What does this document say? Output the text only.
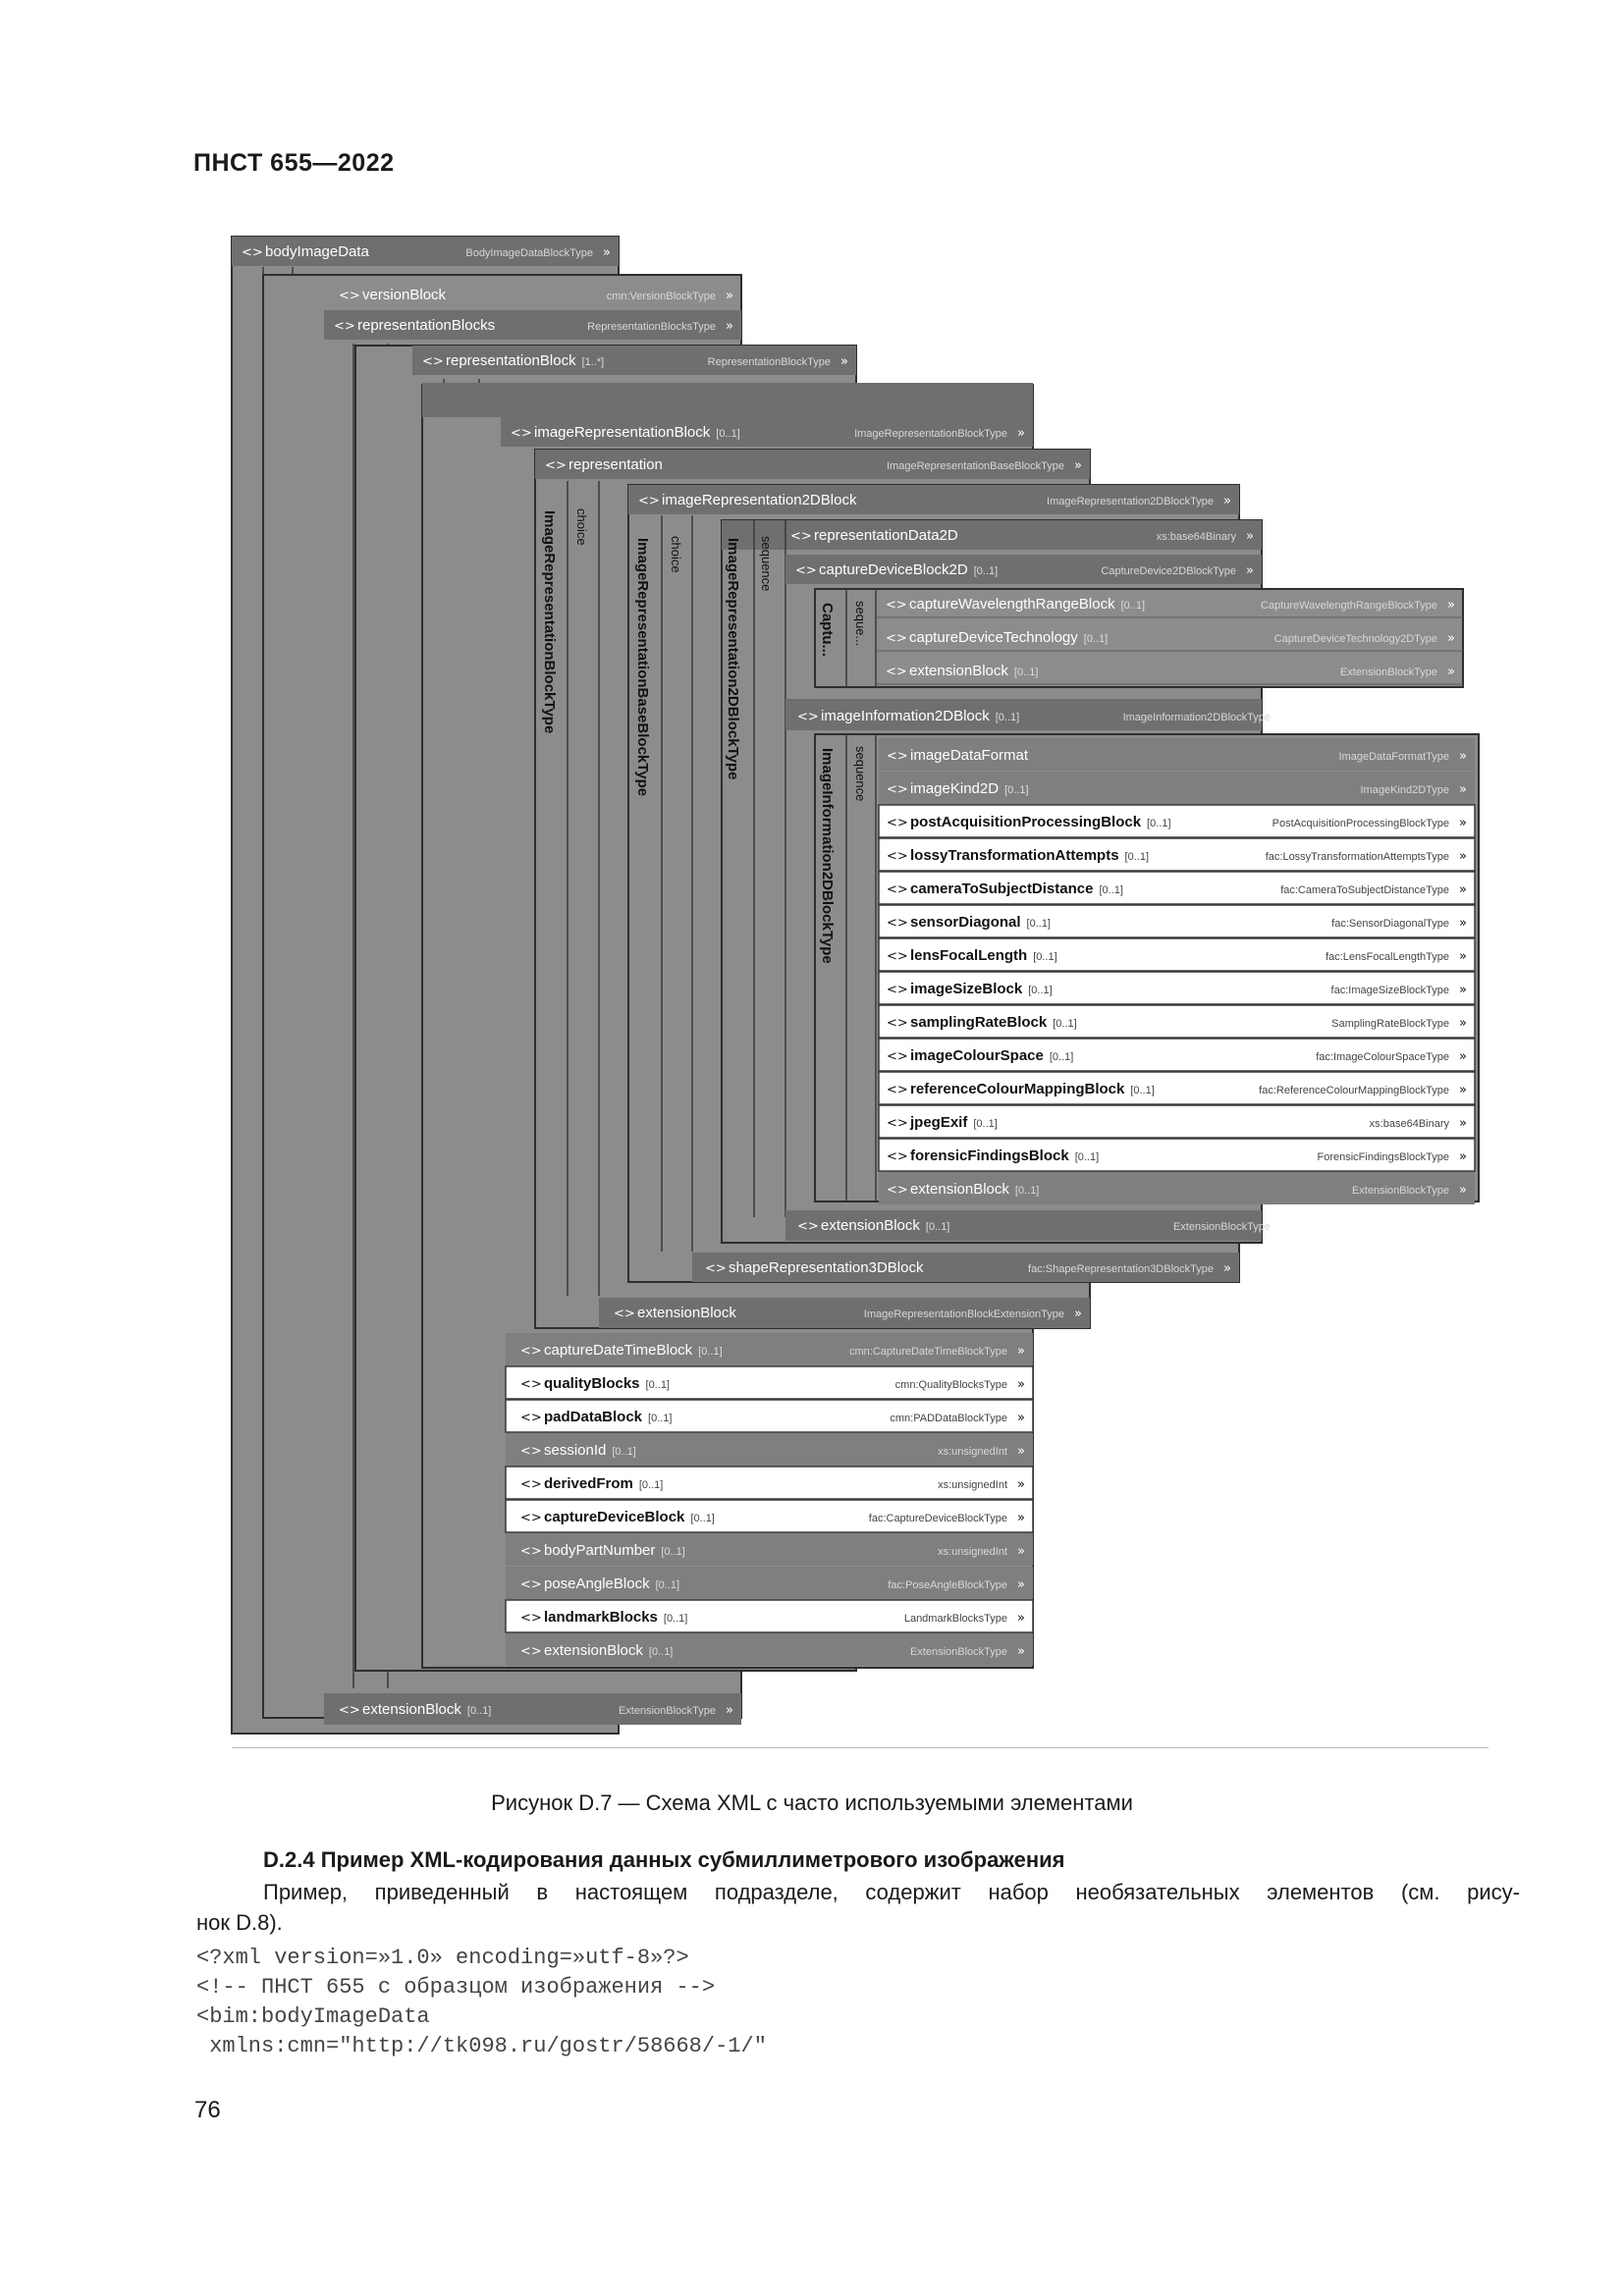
ПНСТ 655—2022
<> bodyImageData	BodyImageDataBlockType »
<> versionBlock	cmn:VersionBlockType »
<> representationBlocks	RepresentationBlocksType »
<> extensionBlock [0..1]	ExtensionBlockType »
<> representationBlock [1..*]	RepresentationBlockType »
<> imageRepresentationBlock [0..1]	ImageRepresentationBlockType »
<> captureDateTimeBlock [0..1]	cmn:CaptureDateTimeBlockType »
<> qualityBlocks [0..1]	cmn:QualityBlocksType »
<> padDataBlock [0..1]	cmn:PADDataBlockType »
<> sessionId [0..1]	xs:unsignedInt »
<> derivedFrom [0..1]	xs:unsignedInt »
<> captureDeviceBlock [0..1]	fac:CaptureDeviceBlockType »
<> bodyPartNumber [0..1]	xs:unsignedInt »
<> poseAngleBlock [0..1]	fac:PoseAngleBlockType »
<> landmarkBlocks [0..1]	LandmarkBlocksType »
<> extensionBlock [0..1]	ExtensionBlockType »
<> representation	ImageRepresentationBaseBlockType »
ImageRepresentationBlockType choice
<> extensionBlock	ImageRepresentationBlockExtensionType »
<> imageRepresentation2DBlock	ImageRepresentation2DBlockType »
ImageRepresentationBaseBlockType choice
<> shapeRepresentation3DBlock	fac:ShapeRepresentation3DBlockType »
ImageRepresentation2DBlockType sequence <> representationData2D	xs:base64Binary »
<> captureDeviceBlock2D [0..1]	CaptureDevice2DBlockType »
Captu... seque... <> captureWavelengthRangeBlock [0..1]	CaptureWavelengthRangeBlockType »
<> captureDeviceTechnology [0..1]	CaptureDeviceTechnology2DType »
<> extensionBlock [0..1]	ExtensionBlockType »
<> imageInformation2DBlock [0..1]	ImageInformation2DBlockType »
ImageInformation2DBlockType sequence <> imageDataFormat	ImageDataFormatType »
<> imageKind2D [0..1]	ImageKind2DType »
<> postAcquisitionProcessingBlock [0..1]	PostAcquisitionProcessingBlockType »
<> lossyTransformationAttempts [0..1]	fac:LossyTransformationAttemptsType »
<> cameraToSubjectDistance [0..1]	fac:CameraToSubjectDistanceType »
<> sensorDiagonal [0..1]	fac:SensorDiagonalType »
<> lensFocalLength [0..1]	fac:LensFocalLengthType »
<> imageSizeBlock [0..1]	fac:ImageSizeBlockType »
<> samplingRateBlock [0..1]	SamplingRateBlockType »
<> imageColourSpace [0..1]	fac:ImageColourSpaceType »
<> referenceColourMappingBlock [0..1]	fac:ReferenceColourMappingBlockType »
<> jpegExif [0..1]	xs:base64Binary »
<> forensicFindingsBlock [0..1]	ForensicFindingsBlockType »
<> extensionBlock [0..1]	ExtensionBlockType »
<> extensionBlock [0..1]	ExtensionBlockType »
Рисунок D.7 — Схема XML с часто используемыми элементами
D.2.4 Пример XML-кодирования данных субмиллиметрового изображения
Пример, приведенный в настоящем подразделе, содержит набор необязательных элементов (см. рису-
нок D.8).
<?xml version=»1.0» encoding=»utf-8»?>
<!-- ПНСТ 655 с образцом изображения -->
<bim:bodyImageData
xmlns:cmn="http://tk098.ru/gostr/58668/-1/"
76
